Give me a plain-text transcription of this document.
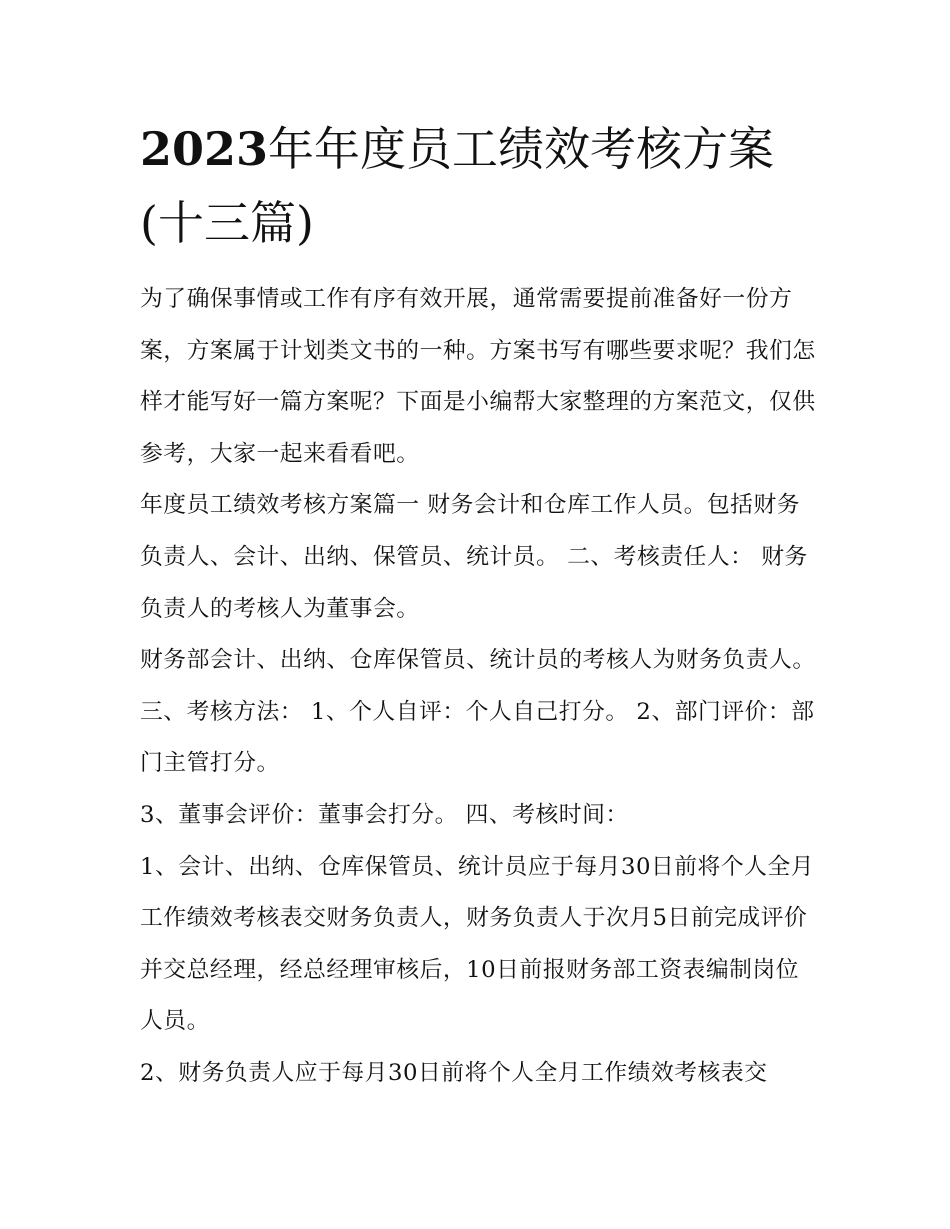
2023年年度员工绩效考核方案(十三篇)

为了确保事情或工作有序有效开展，通常需要提前准备好一份方案，方案属于计划类文书的一种。方案书写有哪些要求呢？我们怎样才能写好一篇方案呢？下面是小编帮大家整理的方案范文，仅供参考，大家一起来看看吧。

年度员工绩效考核方案篇一 财务会计和仓库工作人员。包括财务负责人、会计、出纳、保管员、统计员。 二、考核责任人： 财务负责人的考核人为董事会。

财务部会计、出纳、仓库保管员、统计员的考核人为财务负责人。 三、考核方法： 1、个人自评：个人自己打分。 2、部门评价：部门主管打分。

3、董事会评价：董事会打分。 四、考核时间：

1、会计、出纳、仓库保管员、统计员应于每月30日前将个人全月工作绩效考核表交财务负责人，财务负责人于次月5日前完成评价并交总经理，经总经理审核后，10日前报财务部工资表编制岗位人员。

2、财务负责人应于每月30日前将个人全月工作绩效考核表交
